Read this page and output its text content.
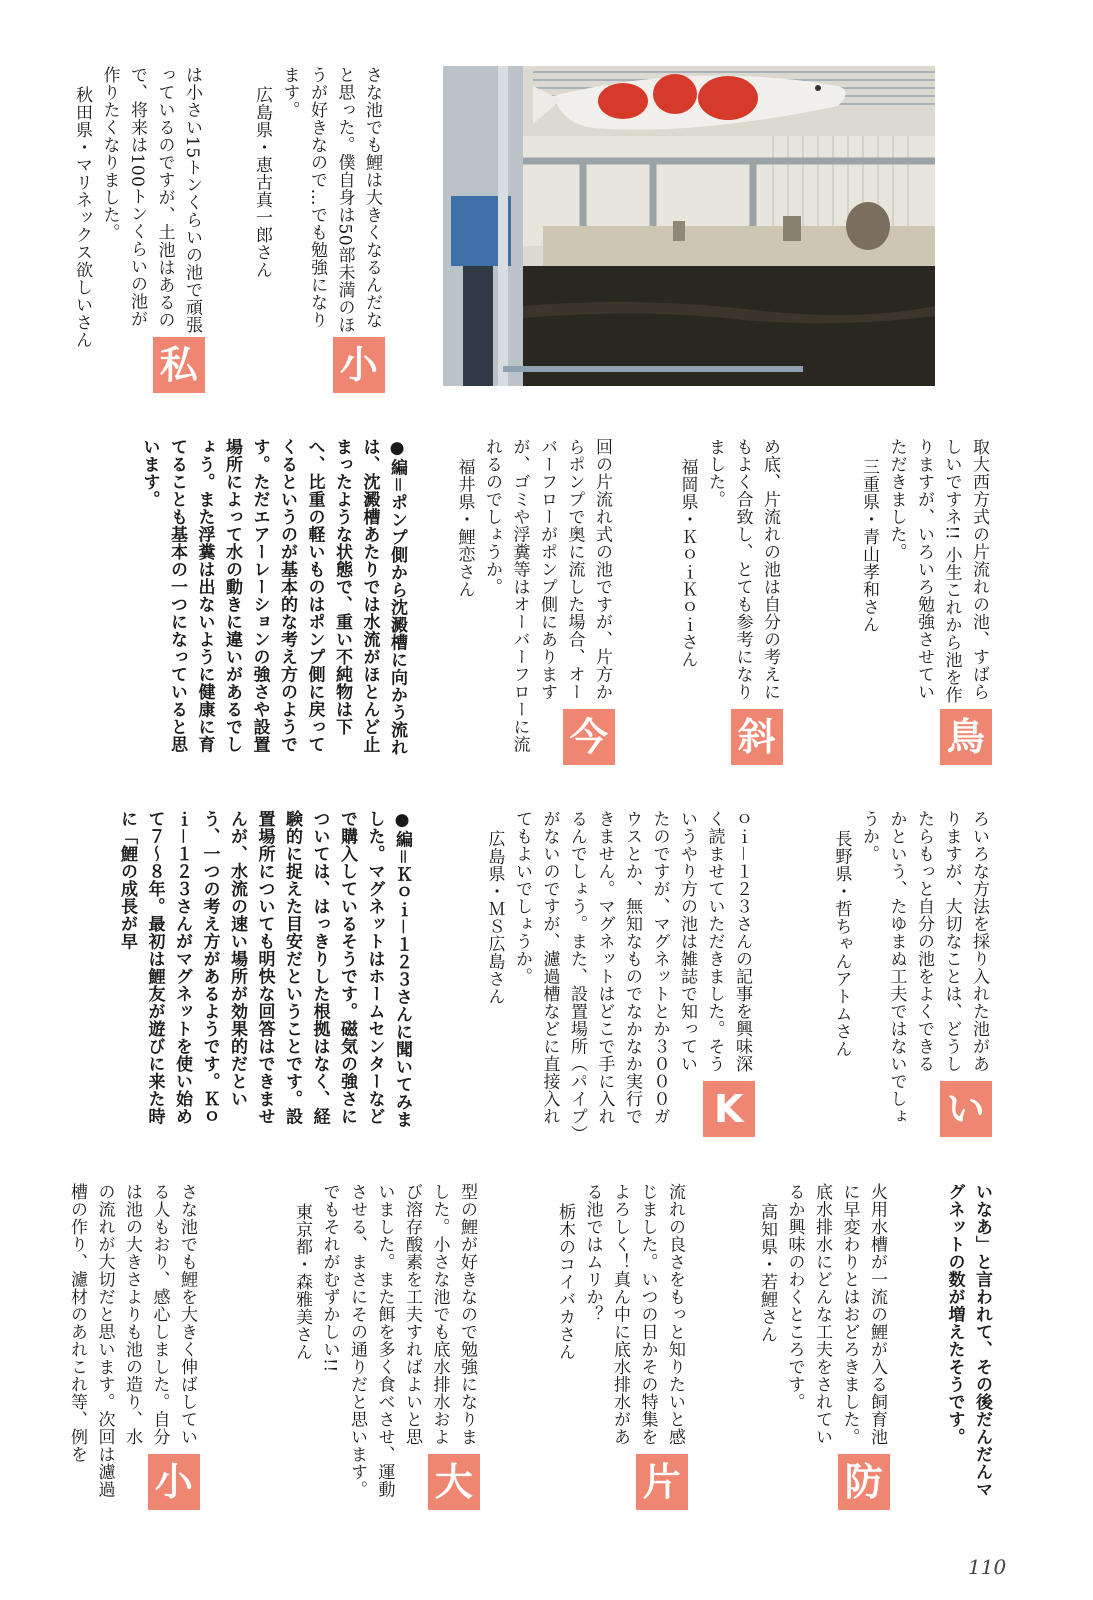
小
さな池でも鯉は大きくなるんだなと思った。僕自身は50部未満のほうが好きなので…でも勉強になります。
広島県・恵古真一郎さん
私
は小さい15トンくらいの池で頑張っているのですが、土池はあるので、将来は100トンくらいの池が作りたくなりました。
秋田県・マリネックス欲しいさん
鳥
取大西方式の片流れの池、すばらしいですネ!! 小生これから池を作りますが、いろいろ勉強させていただきました。
三重県・青山孝和さん
斜
め底、片流れの池は自分の考えにもよく合致し、とても参考になりました。
福岡県・ＫｏｉＫｏｉさん
今
回の片流れ式の池ですが、片方からポンプで奥に流した場合、オーバーフローがポンプ側にありますが、ゴミや浮糞等はオーバーフローに流れるのでしょうか。
福井県・鯉恋さん
●編＝ポンプ側から沈澱槽に向かう流れは、沈澱槽あたりでは水流がほとんど止まったような状態で、重い不純物は下へ、比重の軽いものはポンプ側に戻ってくるというのが基本的な考え方のようです。ただエアーレーションの強さや設置場所によって水の動きに違いがあるでしょう。また浮糞は出ないように健康に育てることも基本の一つになっていると思います。
い
ろいろな方法を採り入れた池がありますが、大切なことは、どうしたらもっと自分の池をよくできるかという、たゆまぬ工夫ではないでしょうか。
長野県・哲ちゃんアトムさん
K
ｏｉ－１２３さんの記事を興味深く読ませていただきました。そういうやり方の池は雑誌で知っていたのですが、マグネットとか３０００ガウスとか、無知なものでなかなか実行できません。マグネットはどこで手に入れるんでしょう。また、設置場所（パイプ）がないのですが、濾過槽などに直接入れてもよいでしょうか。
広島県・ＭＳ広島さん
●編＝Ｋｏｉ－１２３さんに聞いてみました。マグネットはホームセンターなどで購入しているそうです。磁気の強さについては、はっきりした根拠はなく、経験的に捉えた目安だということです。設置場所についても明快な回答はできませんが、水流の速い場所が効果的だという、一つの考え方があるようです。Ｋｏｉ－１２３さんがマグネットを使い始めて７～８年。最初は鯉友が遊びに来た時に「鯉の成長が早
いなあ」と言われて、その後だんだんマグネットの数が増えたそうです。
防
火用水槽が一流の鯉が入る飼育池に早変わりとはおどろきました。底水排水にどんな工夫をされているか興味のわくところです。
高知県・若鯉さん
片
流れの良さをもっと知りたいと感じました。いつの日かその特集をよろしく！真ん中に底水排水がある池ではムリか？
栃木のコイバカさん
大
型の鯉が好きなので勉強になりました。小さな池でも底水排水および溶存酸素を工夫すればよいと思いました。また餌を多く食べさせ、運動させる、まさにその通りだと思います。でもそれがむずかしい!!
東京都・森雅美さん
小
さな池でも鯉を大きく伸ばしている人もおり、感心しました。自分は池の大きさよりも池の造り、水の流れが大切だと思います。次回は濾過槽の作り、濾材のあれこれ等、例を
110
